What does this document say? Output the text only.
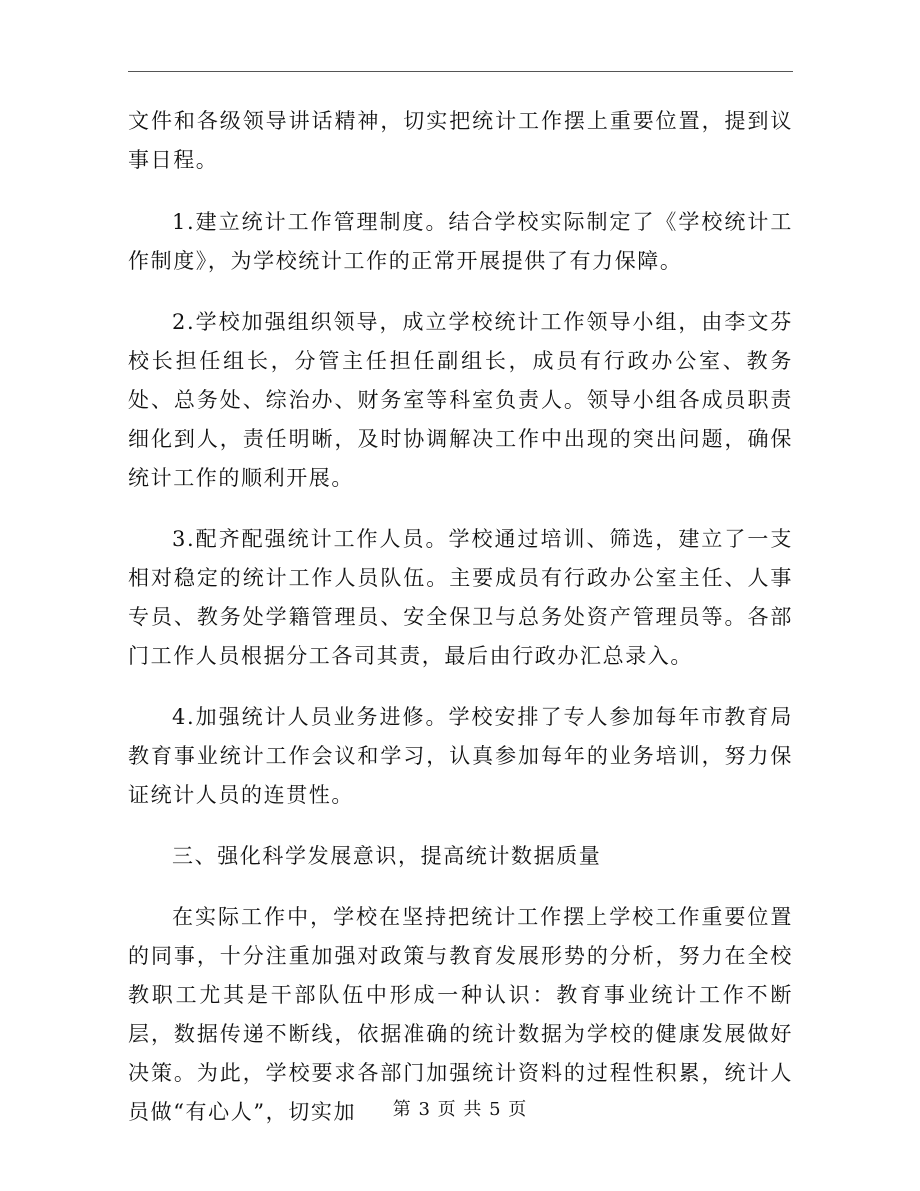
文件和各级领导讲话精神，切实把统计工作摆上重要位置，提到议事日程。

1.建立统计工作管理制度。结合学校实际制定了《学校统计工作制度》，为学校统计工作的正常开展提供了有力保障。

2.学校加强组织领导，成立学校统计工作领导小组，由李文芬校长担任组长，分管主任担任副组长，成员有行政办公室、教务处、总务处、综治办、财务室等科室负责人。领导小组各成员职责细化到人，责任明晰，及时协调解决工作中出现的突出问题，确保统计工作的顺利开展。

3.配齐配强统计工作人员。学校通过培训、筛选，建立了一支相对稳定的统计工作人员队伍。主要成员有行政办公室主任、人事专员、教务处学籍管理员、安全保卫与总务处资产管理员等。各部门工作人员根据分工各司其责，最后由行政办汇总录入。

4.加强统计人员业务进修。学校安排了专人参加每年市教育局教育事业统计工作会议和学习，认真参加每年的业务培训，努力保证统计人员的连贯性。

三、强化科学发展意识，提高统计数据质量

在实际工作中，学校在坚持把统计工作摆上学校工作重要位置的同事，十分注重加强对政策与教育发展形势的分析，努力在全校教职工尤其是干部队伍中形成一种认识：教育事业统计工作不断层，数据传递不断线，依据准确的统计数据为学校的健康发展做好决策。为此，学校要求各部门加强统计资料的过程性积累，统计人员做“有心人”，切实加	第 3 页 共 5 页
